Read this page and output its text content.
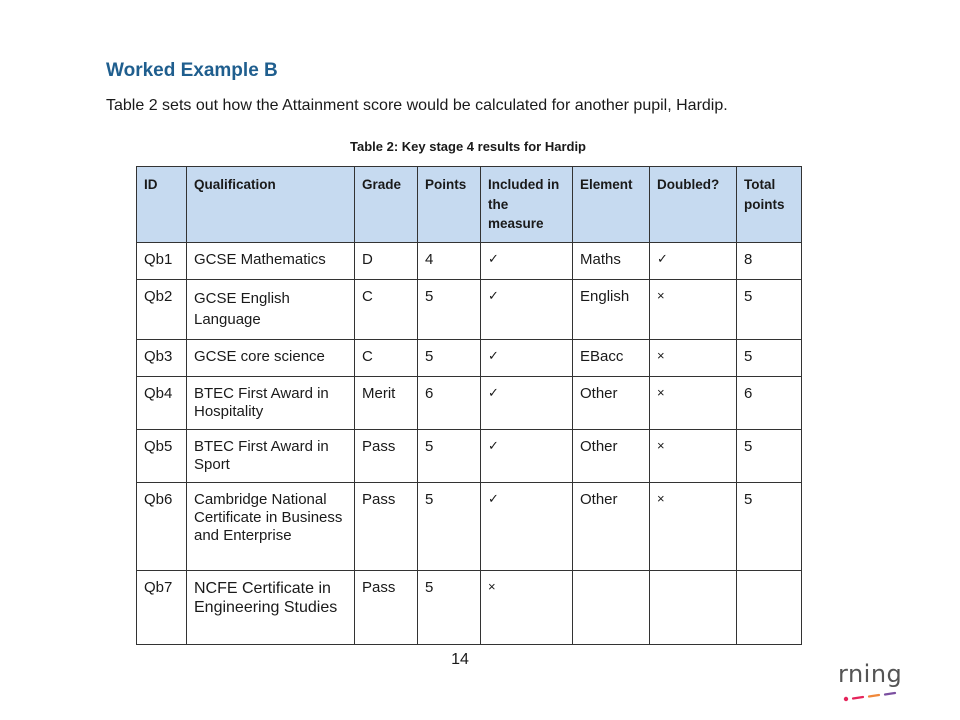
Worked Example B

Table 2 sets out how the Attainment score would be calculated for another pupil, Hardip.

Table 2: Key stage 4 results for Hardip
ID	Qualification	Grade	Points	Included in the measure	Element	Doubled?	Total points
Qb1	GCSE Mathematics	D	4	✓	Maths	✓	8
Qb2	GCSE English Language	C	5	✓	English	×	5
Qb3	GCSE core science	C	5	✓	EBacc	×	5
Qb4	BTEC First Award in Hospitality	Merit	6	✓	Other	×	6
Qb5	BTEC First Award in Sport	Pass	5	✓	Other	×	5
Qb6	Cambridge National Certificate in Business and Enterprise	Pass	5	✓	Other	×	5
Qb7	NCFE Certificate in Engineering Studies	Pass	5	×			
14
rning
